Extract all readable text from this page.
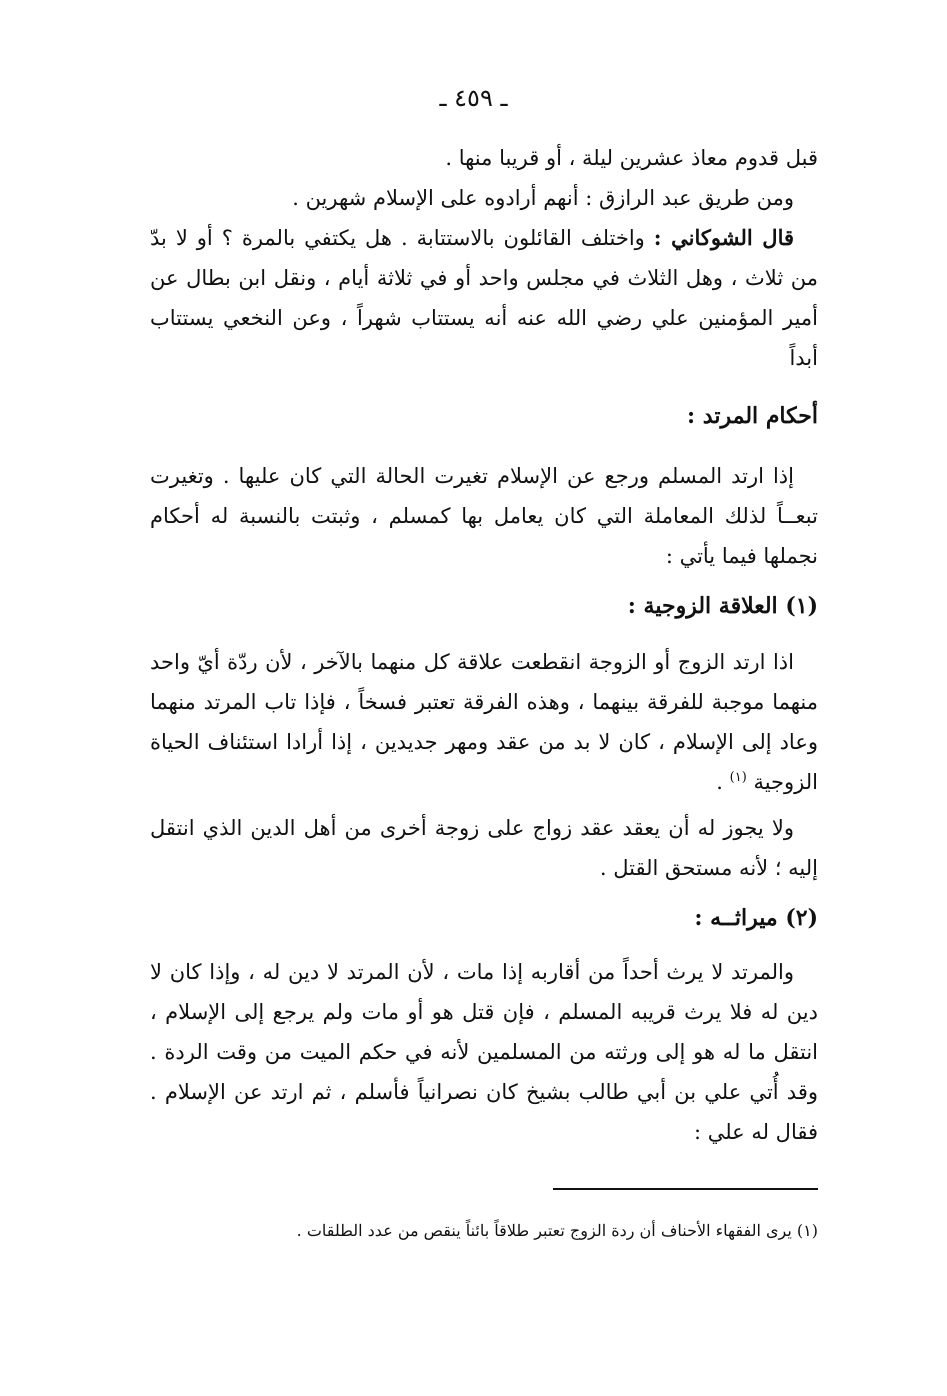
ـ ٤٥٩ ـ

قبل قدوم معاذ عشرين ليلة ، أو قريبا منها .

ومن طريق عبد الرازق : أنهم أرادوه على الإسلام شهرين .

قال الشوكاني : واختلف القائلون بالاستتابة . هل يكتفي بالمرة ؟ أو لا بدّ من ثلاث ، وهل الثلاث في مجلس واحد أو في ثلاثة أيام ، ونقل ابن بطال عن أمير المؤمنين علي رضي الله عنه أنه يستتاب شهراً ، وعن النخعي يستتاب أبداً

أحكام المرتد :

إذا ارتد المسلم ورجع عن الإسلام تغيرت الحالة التي كان عليها . وتغيرت تبعــاً لذلك المعاملة التي كان يعامل بها كمسلم ، وثبتت بالنسبة له أحكام نجملها فيما يأتي :

(١) العلاقة الزوجية :

اذا ارتد الزوج أو الزوجة انقطعت علاقة كل منهما بالآخر ، لأن ردّة أيّ واحد منهما موجبة للفرقة بينهما ، وهذه الفرقة تعتبر فسخاً ، فإذا تاب المرتد منهما وعاد إلى الإسلام ، كان لا بد من عقد ومهر جديدين ، إذا أرادا استئناف الحياة الزوجية $^{(١)}$ .

ولا يجوز له أن يعقد عقد زواج على زوجة أخرى من أهل الدين الذي انتقل إليه ؛ لأنه مستحق القتل .

(٢) ميراثــه :

والمرتد لا يرث أحداً من أقاربه إذا مات ، لأن المرتد لا دين له ، وإذا كان لا دين له فلا يرث قريبه المسلم ، فإن قتل هو أو مات ولم يرجع إلى الإسلام ، انتقل ما له هو إلى ورثته من المسلمين لأنه في حكم الميت من وقت الردة . وقد أُتي علي بن أبي طالب بشيخ كان نصرانياً فأسلم ، ثم ارتد عن الإسلام . فقال له علي :

(١) يرى الفقهاء الأحناف أن ردة الزوج تعتبر طلاقاً بائناً ينقص من عدد الطلقات .
